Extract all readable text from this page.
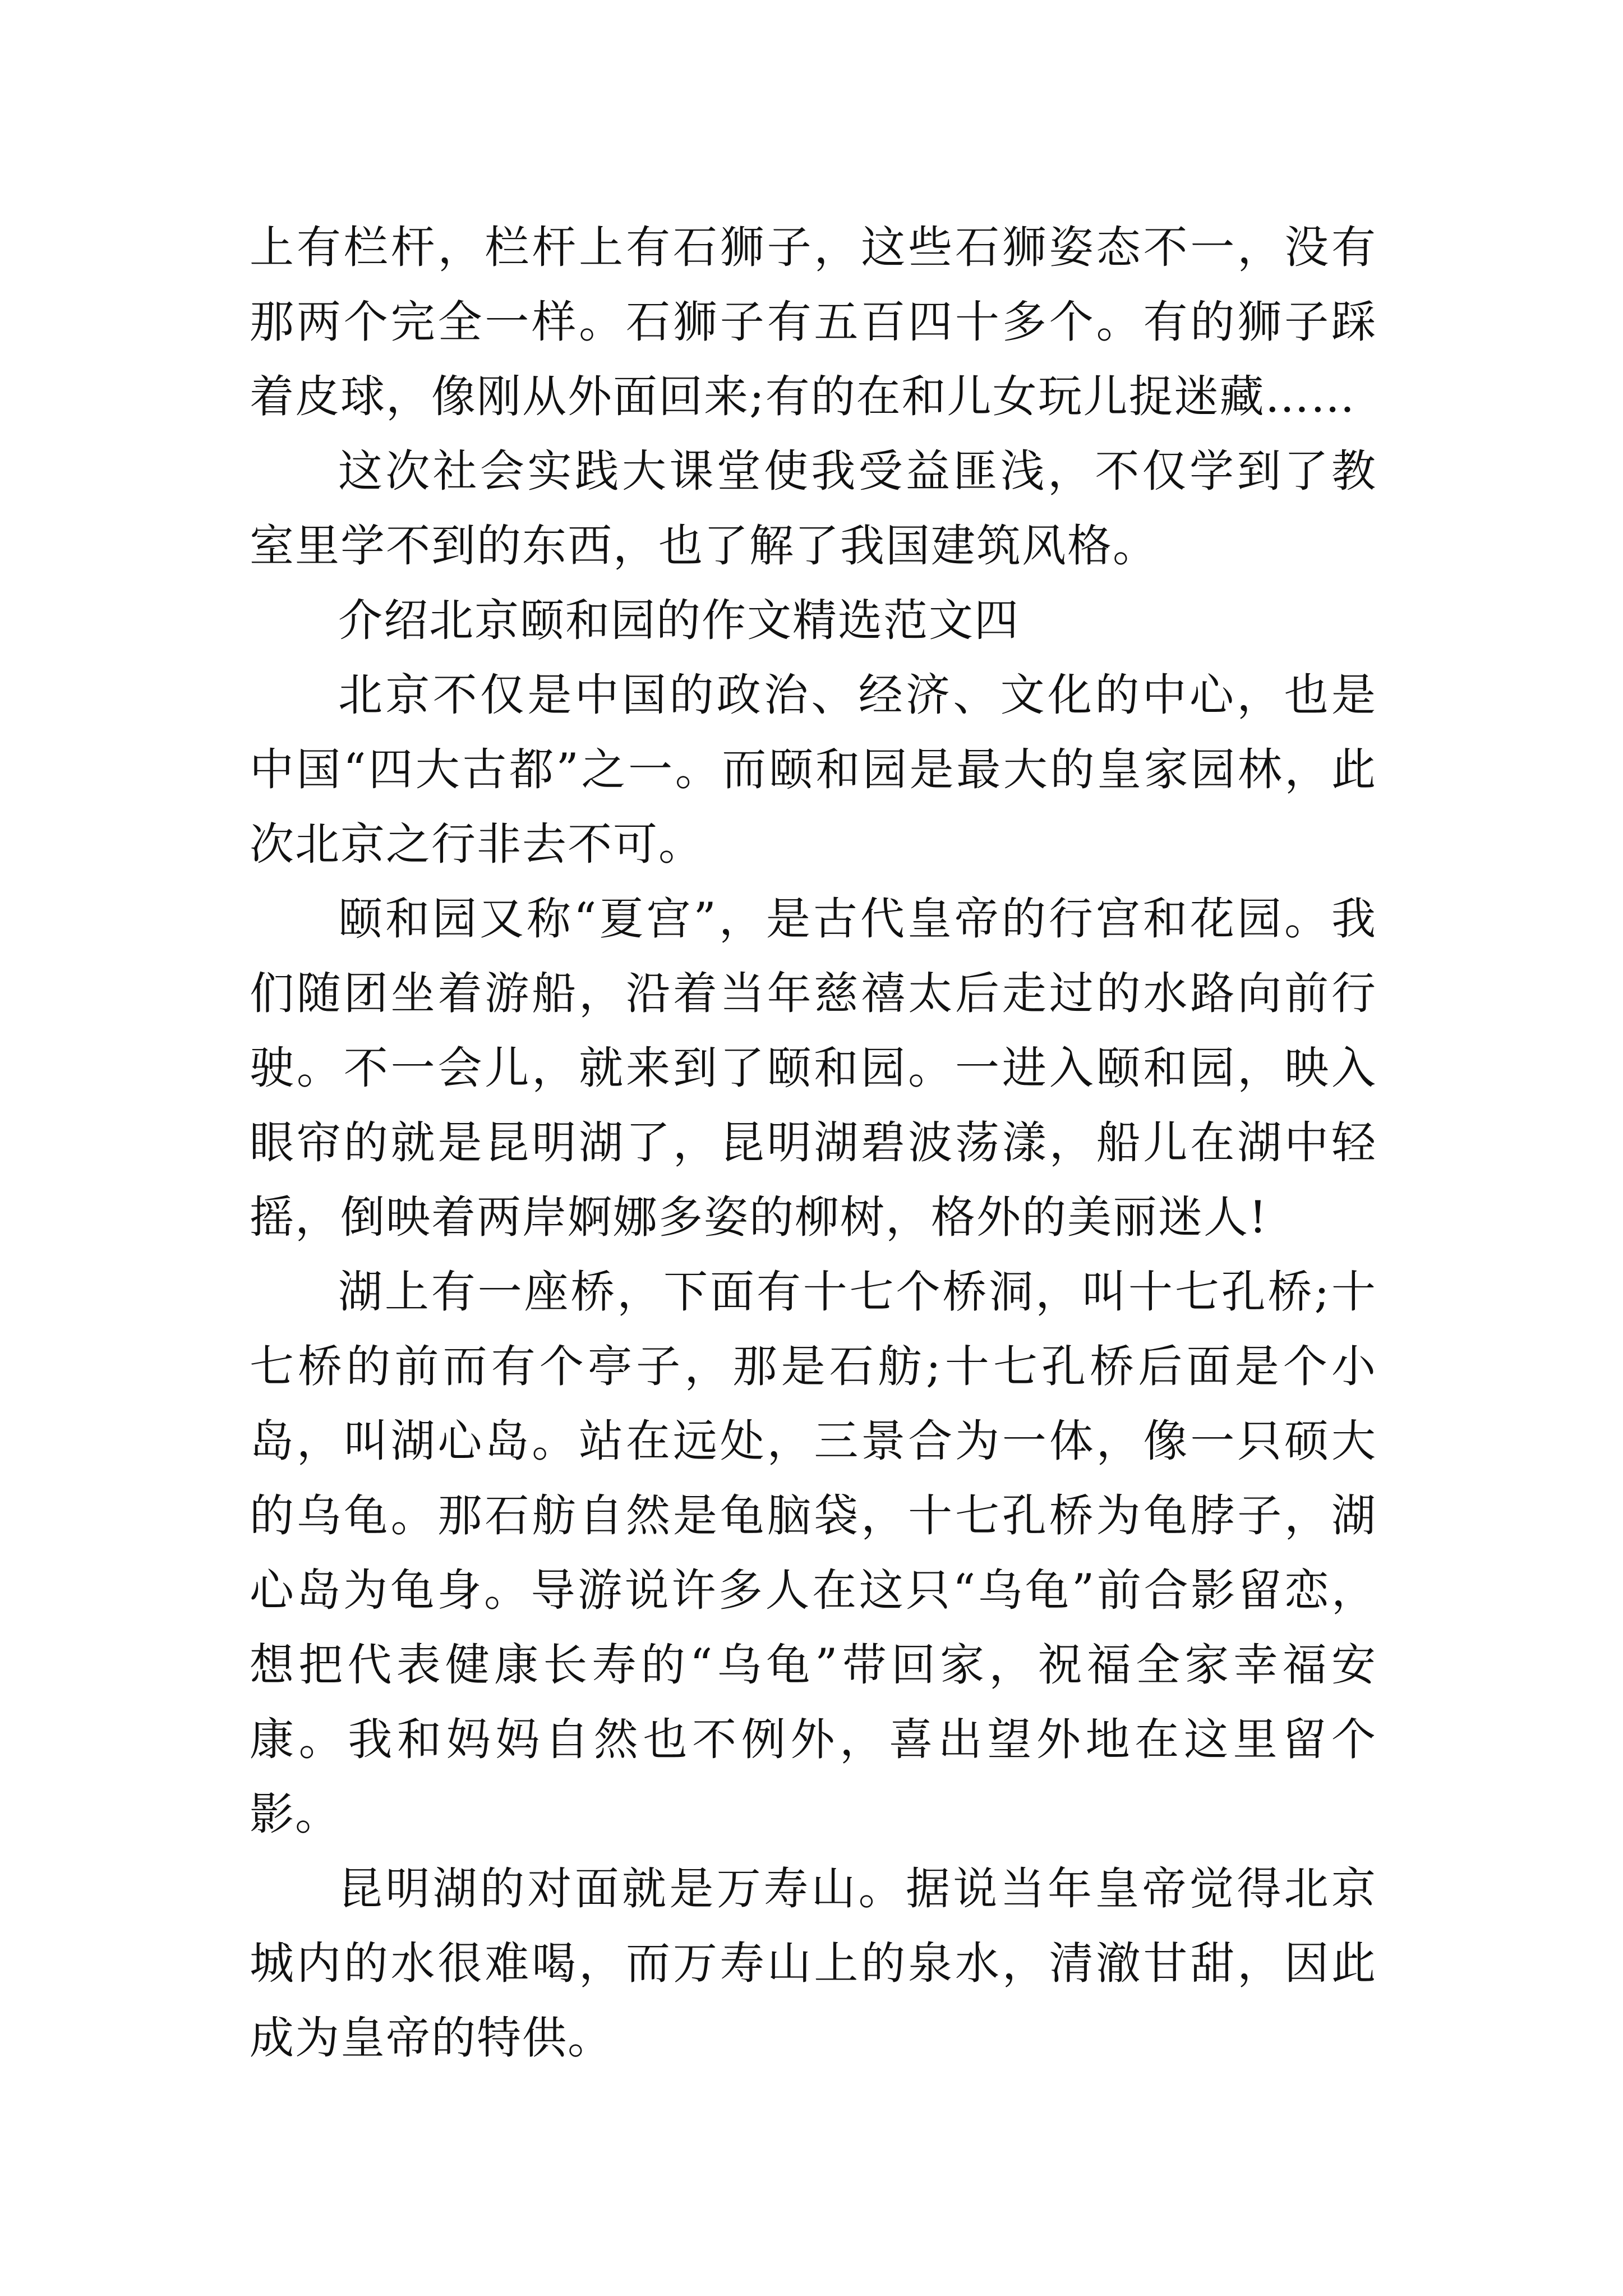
上有栏杆，栏杆上有石狮子，这些石狮姿态不一，没有那两个完全一样。石狮子有五百四十多个。有的狮子踩着皮球，像刚从外面回来;有的在和儿女玩儿捉迷藏……

这次社会实践大课堂使我受益匪浅，不仅学到了教室里学不到的东西，也了解了我国建筑风格。

介绍北京颐和园的作文精选范文四

北京不仅是中国的政治、经济、文化的中心，也是中国“四大古都”之一。而颐和园是最大的皇家园林，此次北京之行非去不可。

颐和园又称“夏宫”，是古代皇帝的行宫和花园。我们随团坐着游船，沿着当年慈禧太后走过的水路向前行驶。不一会儿，就来到了颐和园。一进入颐和园，映入眼帘的就是昆明湖了，昆明湖碧波荡漾，船儿在湖中轻摇，倒映着两岸婀娜多姿的柳树，格外的美丽迷人!

湖上有一座桥，下面有十七个桥洞，叫十七孔桥;十七桥的前而有个亭子，那是石舫;十七孔桥后面是个小岛，叫湖心岛。站在远处，三景合为一体，像一只硕大的乌龟。那石舫自然是龟脑袋，十七孔桥为龟脖子，湖心岛为龟身。导游说许多人在这只“乌龟”前合影留恋，想把代表健康长寿的“乌龟”带回家，祝福全家幸福安康。我和妈妈自然也不例外，喜出望外地在这里留个影。

昆明湖的对面就是万寿山。据说当年皇帝觉得北京城内的水很难喝，而万寿山上的泉水，清澈甘甜，因此成为皇帝的特供。
